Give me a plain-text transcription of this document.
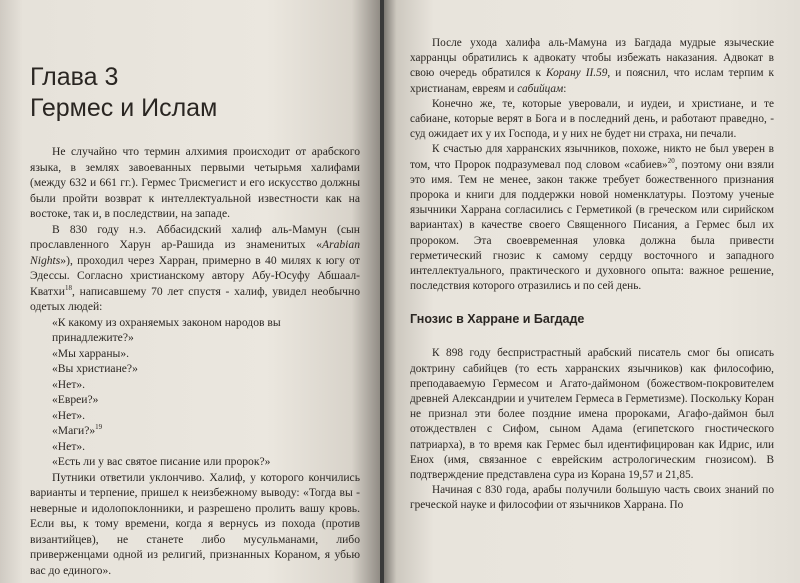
Глава 3
Гермес и Ислам

Не случайно что термин алхимия происходит от арабского языка, в землях завоеванных первыми четырьмя халифами (между 632 и 661 гг.). Гермес Трисмегист и его искусство должны были пройти возврат к интеллектуальной известности как на востоке, так и, в последствии, на западе.

В 830 году н.э. Аббасидский халиф аль-Мамун (сын прославленного Харун ар-Рашида из знаменитых «Arabian Nights»), проходил через Харран, примерно в 40 милях к югу от Эдессы. Согласно христианскому автору Абу-Юсуфу Абшаал-Кватхи$^{18}$, написавшему 70 лет спустя - халиф, увидел необычно одетых людей:

«К какому из охраняемых законом народов вы принадлежите?»

«Мы харраны».

«Вы христиане?»

«Нет».

«Евреи?»

«Нет».

«Маги?»$^{19}$

«Нет».

«Есть ли у вас святое писание или пророк?»

Путники ответили уклончиво. Халиф, у которого кончились варианты и терпение, пришел к неизбежному выводу: «Тогда вы - неверные и идолопоклонники, и разрешено пролить вашу кровь. Если вы, к тому времени, когда я вернусь из похода (против византийцев), не станете либо мусульманами, либо приверженцами одной из религий, признанных Кораном, я убью вас до единого».

После ухода халифа аль-Мамуна из Багдада мудрые языческие харранцы обратились к адвокату чтобы избежать наказания. Адвокат в свою очередь обратился к Корану II.59, и пояснил, что ислам терпим к христианам, евреям и сабийцам:

Конечно же, те, которые уверовали, и иудеи, и христиане, и те сабиане, которые верят в Бога и в последний день, и работают праведно, - суд ожидает их у их Господа, и у них не будет ни страха, ни печали.

К счастью для харранских язычников, похоже, никто не был уверен в том, что Пророк подразумевал под словом «сабиев»$^{20}$, поэтому они взяли это имя. Тем не менее, закон также требует божественного признания пророка и книги для поддержки новой номенклатуры. Поэтому ученые язычники Харрана согласились с Герметикой (в греческом или сирийском вариантах) в качестве своего Священного Писания, а Гермес был их пророком. Эта своевременная уловка должна была привести герметический гнозис к самому сердцу восточного и западного интеллектуального, практического и духовного опыта: важное решение, последствия которого отразились и по сей день.

Гнозис в Харране и Багдаде

К 898 году беспристрастный арабский писатель смог бы описать доктрину сабийцев (то есть харранских язычников) как философию, преподаваемую Гермесом и Агато-даймоном (божеством-покровителем древней Александрии и учителем Гермеса в Герметизме). Поскольку Коран не признал эти более поздние имена пророками, Агафо-даймон был отождествлен с Сифом, сыном Адама (египетского гностического патриарха), в то время как Гермес был идентифицирован как Идрис, или Енох (имя, связанное с еврейским астрологическим гнозисом). В подтверждение представлена сура из Корана 19,57 и 21,85.

Начиная с 830 года, арабы получили большую часть своих знаний по греческой науке и философии от язычников Харрана. По
